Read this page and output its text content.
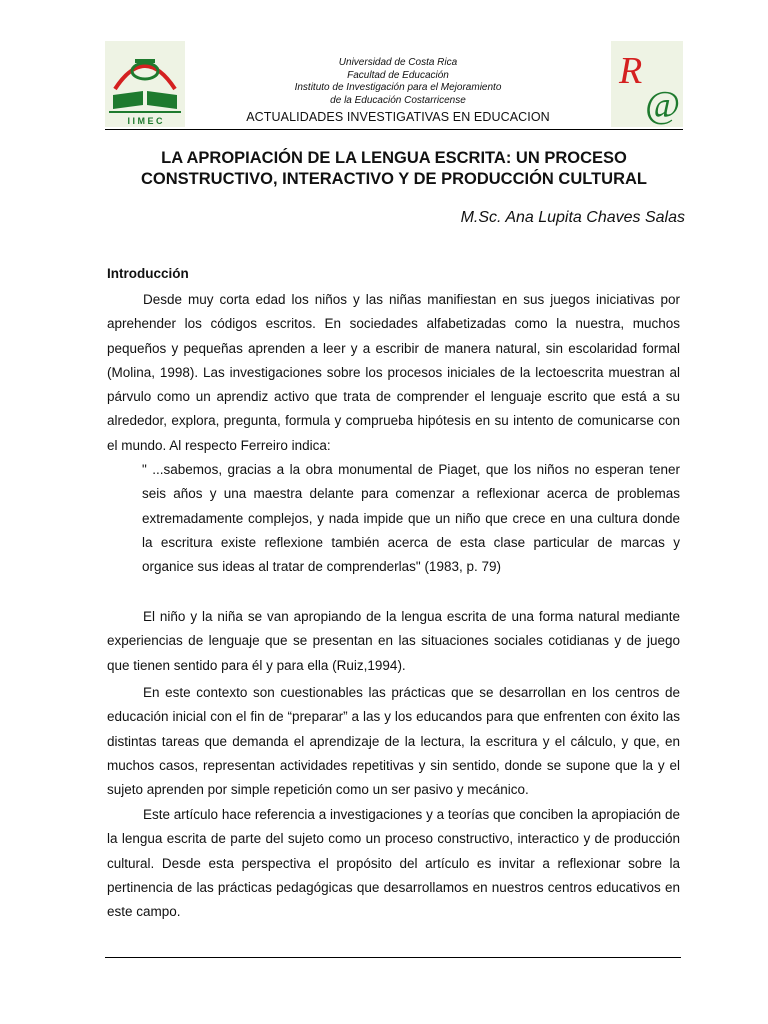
I I M E C
Universidad de Costa Rica
Facultad de Educación
Instituto de Investigación para el Mejoramiento
de la Educación Costarricense
ACTUALIDADES INVESTIGATIVAS EN EDUCACION
R
@
LA APROPIACIÓN DE LA LENGUA ESCRITA: UN PROCESO
CONSTRUCTIVO, INTERACTIVO Y DE PRODUCCIÓN CULTURAL
M.Sc. Ana Lupita Chaves Salas
Introducción

Desde muy corta edad los niños y las niñas manifiestan en sus juegos iniciativas por aprehender los códigos escritos. En sociedades alfabetizadas como la nuestra, muchos pequeños y pequeñas aprenden a leer y a escribir de manera natural, sin escolaridad formal (Molina, 1998). Las investigaciones sobre los procesos iniciales de la lectoescrita muestran al párvulo como un aprendiz activo que trata de comprender el lenguaje escrito que está a su alrededor, explora, pregunta, formula y comprueba hipótesis en su intento de comunicarse con el mundo. Al respecto Ferreiro indica:

" ...sabemos, gracias a la obra monumental de Piaget, que los niños no esperan tener seis años y una maestra delante para comenzar a reflexionar acerca de problemas extremadamente complejos, y nada impide que un niño que crece en una cultura donde la escritura existe reflexione también acerca de esta clase particular de marcas y organice sus ideas al tratar de comprenderlas" (1983, p. 79)

El niño y la niña se van apropiando de la lengua escrita de una forma natural mediante experiencias de lenguaje que se presentan en las situaciones sociales cotidianas y de juego que tienen sentido para él y para ella (Ruiz,1994).

En este contexto son cuestionables las prácticas que se desarrollan en los centros de educación inicial con el fin de “preparar” a las y los educandos para que enfrenten con éxito las distintas tareas que demanda el aprendizaje de la lectura, la escritura y el cálculo, y que, en muchos casos, representan actividades repetitivas y sin sentido, donde se supone que la y el sujeto aprenden por simple repetición como un ser pasivo y mecánico.

Este artículo hace referencia a investigaciones y a teorías que conciben la apropiación de la lengua escrita de parte del sujeto como un proceso constructivo, interactico y de producción cultural. Desde esta perspectiva el propósito del artículo es invitar a reflexionar sobre la pertinencia de las prácticas pedagógicas que desarrollamos en nuestros centros educativos en este campo.
